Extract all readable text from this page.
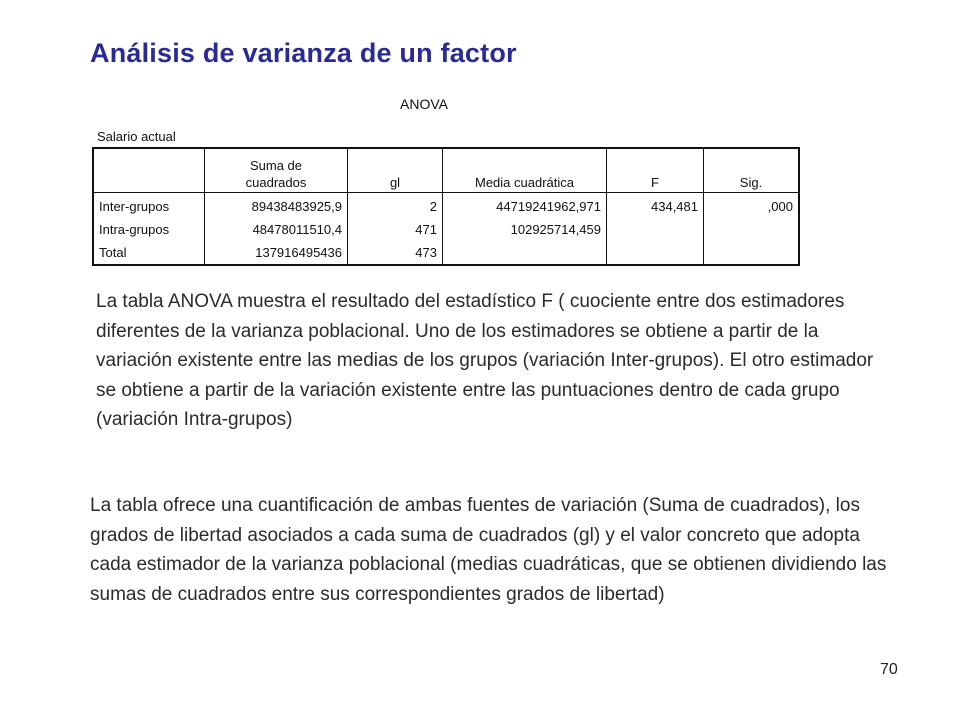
Análisis de varianza de un factor
ANOVA
Salario actual

	Suma de
cuadrados	gl	Media cuadrática	F	Sig.

Inter-grupos	89438483925,9	2	44719241962,971	434,481	,000
Intra-grupos	48478011510,4	471	102925714,459		
Total	137916495436	473			

La tabla ANOVA muestra el resultado del estadístico F ( cuociente entre dos estimadores diferentes de la varianza poblacional. Uno de los estimadores se obtiene a partir de la variación existente entre las medias de los grupos (variación Inter-grupos). El otro estimador se obtiene a partir de la variación existente entre las puntuaciones dentro de cada grupo (variación Intra-grupos)

La tabla ofrece una cuantificación de ambas fuentes de variación (Suma de cuadrados), los grados de libertad asociados a cada suma de cuadrados (gl) y el valor concreto que adopta cada estimador de la varianza poblacional (medias cuadráticas, que se obtienen dividiendo las sumas de cuadrados entre sus correspondientes grados de libertad)

70
